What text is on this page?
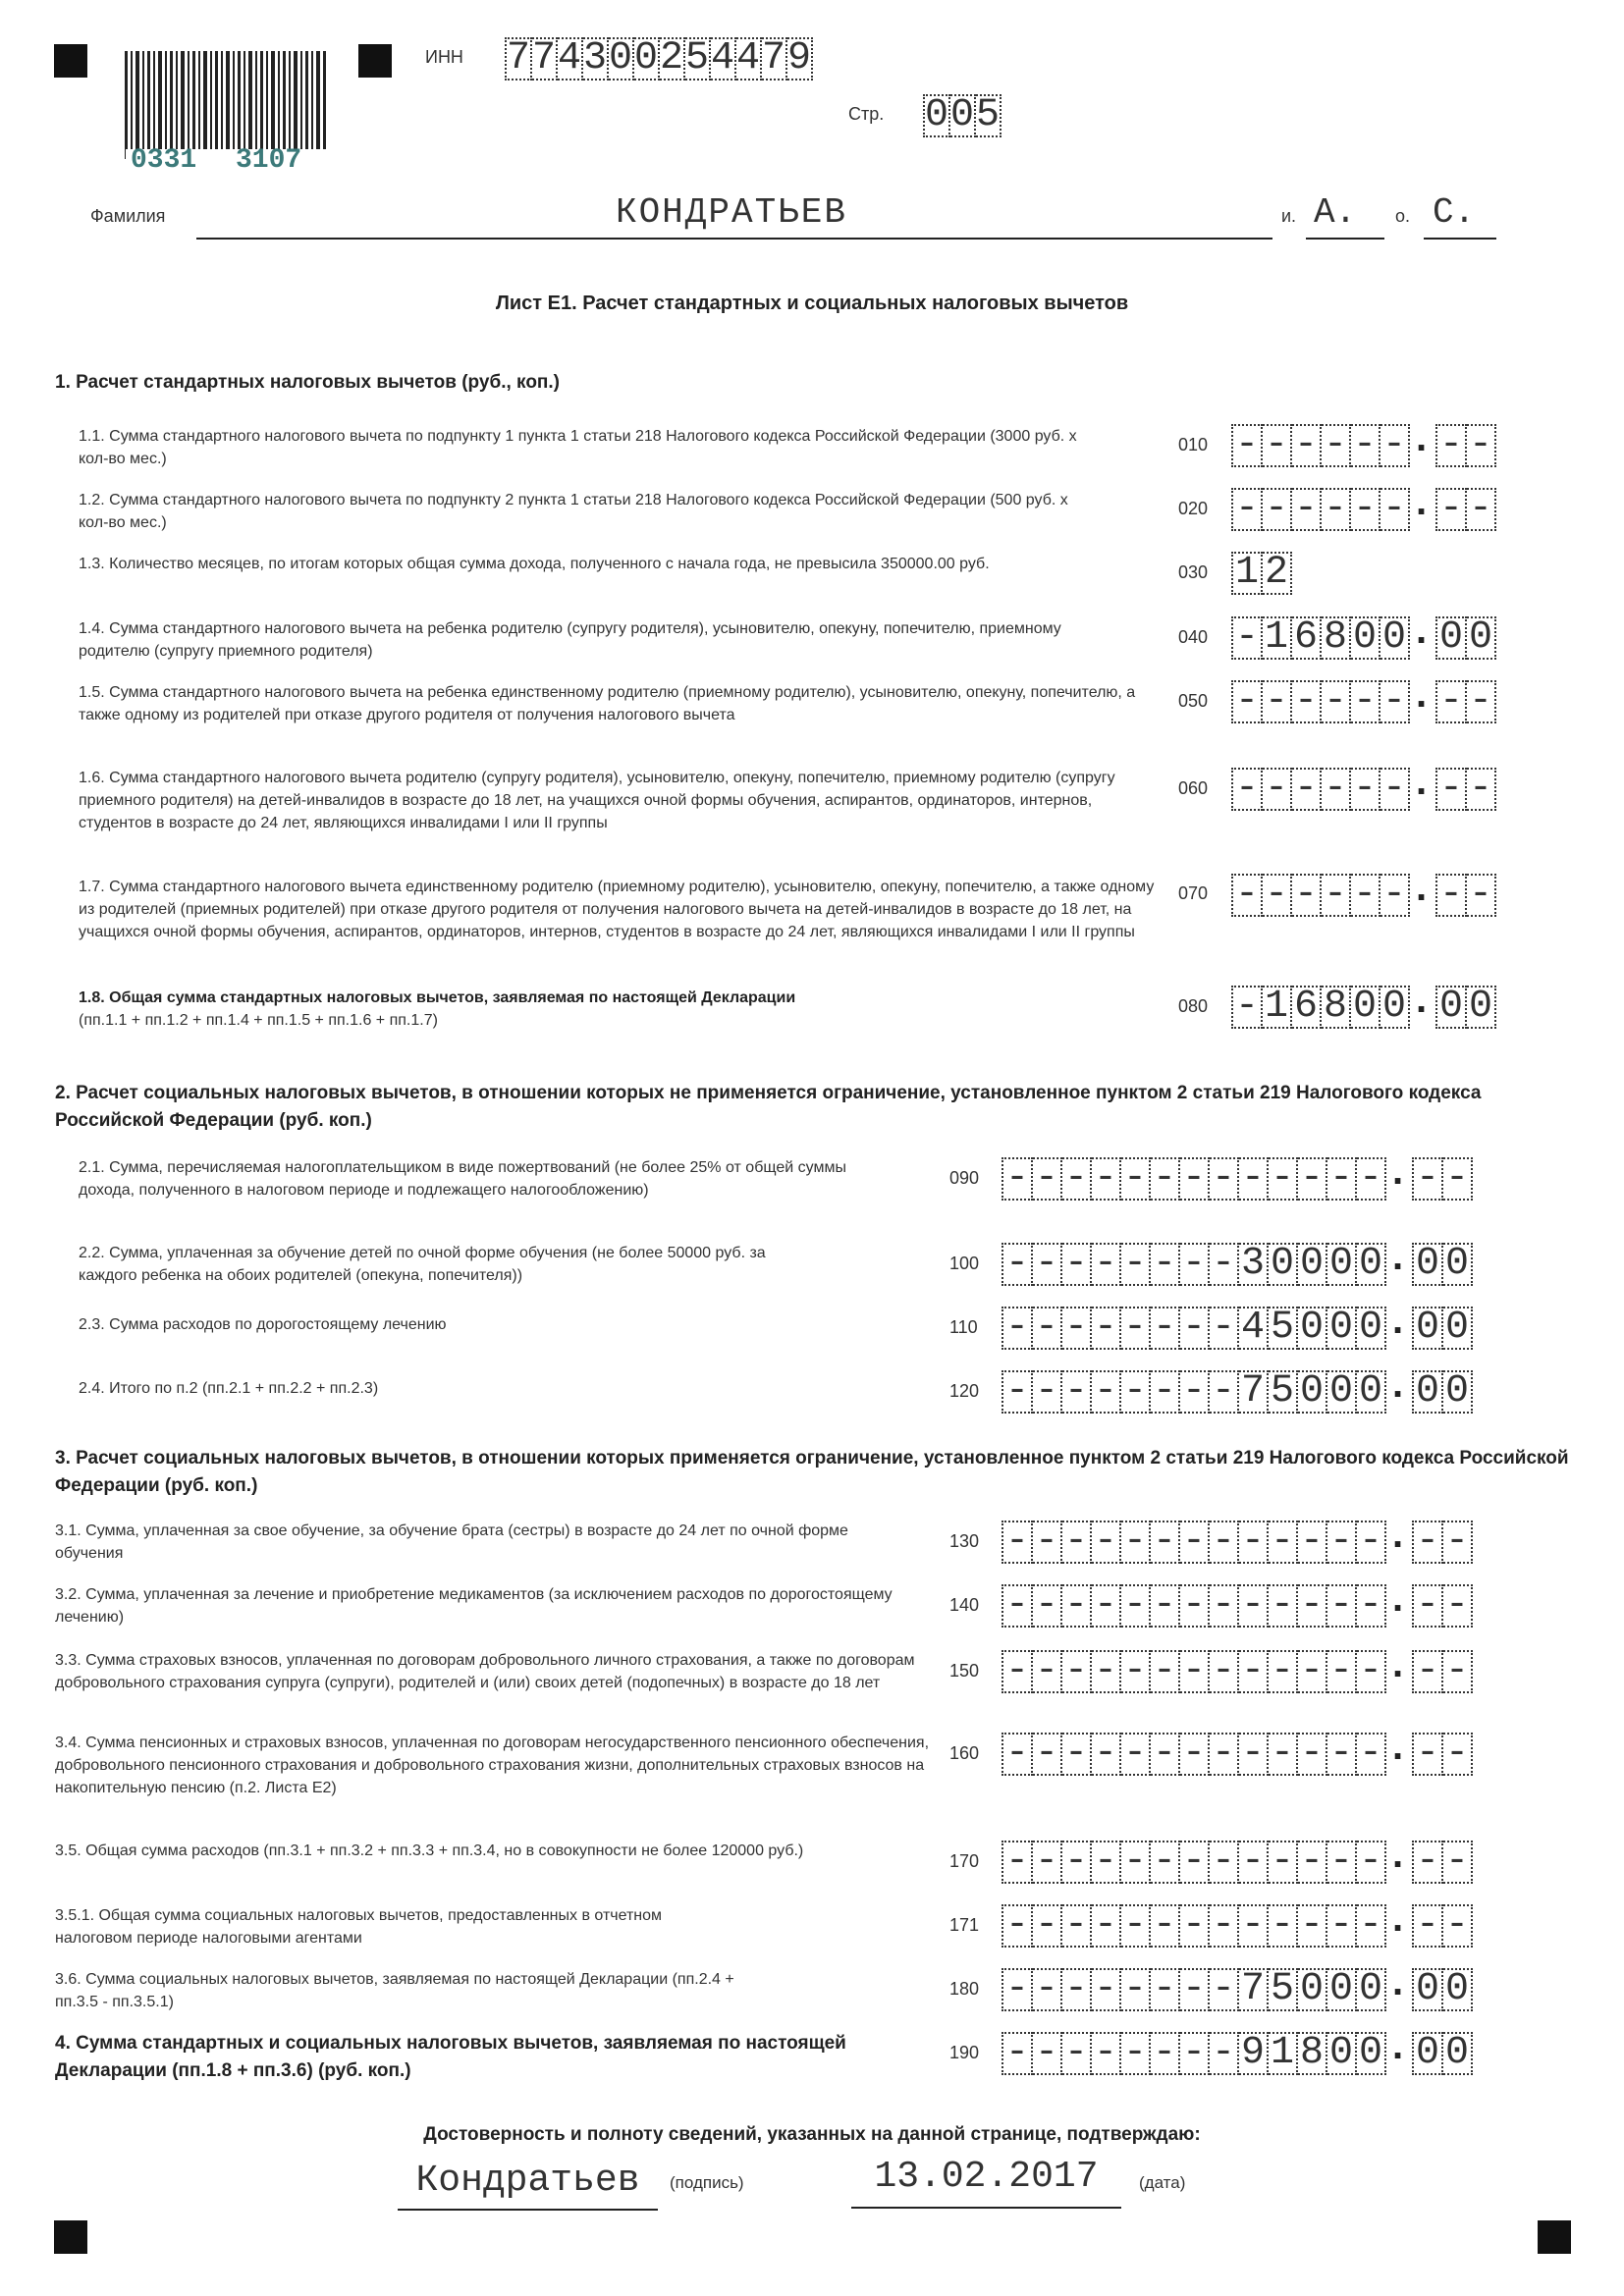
0331 3107
ИНН 7 7 4 3 0 0 2 5 4 4 7 9
Стр. 0 0 5
Фамилия	КОНДРАТЬЕВ	и. А. о. С.
Лист Е1. Расчет стандартных и социальных налоговых вычетов
1. Расчет стандартных налоговых вычетов (руб., коп.)
1.1. Сумма стандартного налогового вычета по подпункту 1 пункта 1 статьи 218 Налогового кодекса Российской Федерации (3000 руб. х кол-во мес.)
010 - - - - - - . - -
1.2. Сумма стандартного налогового вычета по подпункту 2 пункта 1 статьи 218 Налогового кодекса Российской Федерации (500 руб. х кол-во мес.)
020 - - - - - - . - -
1.3. Количество месяцев, по итогам которых общая сумма дохода, полученного с начала года, не превысила 350000.00 руб.	030 1 2
1.4. Сумма стандартного налогового вычета на ребенка родителю (супругу родителя), усыновителю, опекуну, попечителю, приемному родителю (супругу приемного родителя)
040 - 1 6 8 0 0 . 0 0
1.5. Сумма стандартного налогового вычета на ребенка единственному родителю (приемному родителю), усыновителю, опекуну, попечителю, а также одному из родителей при отказе другого родителя от получения налогового вычета
050 - - - - - - . - -
1.6. Сумма стандартного налогового вычета родителю (супругу родителя), усыновителю, опекуну, попечителю, приемному родителю (супругу приемного родителя) на детей-инвалидов в возрасте до 18 лет, на учащихся очной формы обучения, аспирантов, ординаторов, интернов, студентов в возрасте до 24 лет, являющихся инвалидами I или II группы
060 - - - - - - . - -
1.7. Сумма стандартного налогового вычета единственному родителю (приемному родителю), усыновителю, опекуну, попечителю, а также одному из родителей (приемных родителей) при отказе другого родителя от получения налогового вычета на детей-инвалидов в возрасте до 18 лет, на учащихся очной формы обучения, аспирантов, ординаторов, интернов, студентов в возрасте до 24 лет, являющихся инвалидами I или II группы
070 - - - - - - . - -
1.8. Общая сумма стандартных налоговых вычетов, заявляемая по настоящей Декларации
(пп.1.1 + пп.1.2 + пп.1.4 + пп.1.5 + пп.1.6 + пп.1.7)
080 - 1 6 8 0 0 . 0 0
2. Расчет социальных налоговых вычетов, в отношении которых не применяется ограничение, установленное пунктом 2 статьи 219 Налогового кодекса Российской Федерации (руб. коп.)
2.1. Сумма, перечисляемая налогоплательщиком в виде пожертвований (не более 25% от общей суммы дохода, полученного в налоговом периоде и подлежащего налогообложению)
090 - - - - - - - - - - - - - . - -
2.2. Сумма, уплаченная за обучение детей по очной форме обучения (не более 50000 руб. за каждого ребенка на обоих родителей (опекуна, попечителя))
100 - - - - - - - - 3 0 0 0 0 . 0 0
2.3. Сумма расходов по дорогостоящему лечению	110 - - - - - - - - 4 5 0 0 0 . 0 0
2.4. Итого по п.2 (пп.2.1 + пп.2.2 + пп.2.3)	120 - - - - - - - - 7 5 0 0 0 . 0 0
3. Расчет социальных налоговых вычетов, в отношении которых применяется ограничение, установленное пунктом 2 статьи 219 Налогового кодекса Российской Федерации (руб. коп.)
3.1. Сумма, уплаченная за свое обучение, за обучение брата (сестры) в возрасте до 24 лет по очной форме обучения
130 - - - - - - - - - - - - - . - -
3.2. Сумма, уплаченная за лечение и приобретение медикаментов (за исключением расходов по дорогостоящему лечению)
140 - - - - - - - - - - - - - . - -
3.3. Сумма страховых взносов, уплаченная по договорам добровольного личного страхования, а также по договорам добровольного страхования супруга (супруги), родителей и (или) своих детей (подопечных) в возрасте до 18 лет
150 - - - - - - - - - - - - - . - -
3.4. Сумма пенсионных и страховых взносов, уплаченная по договорам негосударственного пенсионного обеспечения, добровольного пенсионного страхования и добровольного страхования жизни, дополнительных страховых взносов на накопительную пенсию (п.2. Листа Е2)
160 - - - - - - - - - - - - - . - -
3.5. Общая сумма расходов (пп.3.1 + пп.3.2 + пп.3.3 + пп.3.4, но в совокупности не более 120000 руб.)
170 - - - - - - - - - - - - - . - -
3.5.1. Общая сумма социальных налоговых вычетов, предоставленных в отчетном налоговом периоде налоговыми агентами
171 - - - - - - - - - - - - - . - -
3.6. Сумма социальных налоговых вычетов, заявляемая по настоящей Декларации (пп.2.4 + пп.3.5 - пп.3.5.1)
180 - - - - - - - - 7 5 0 0 0 . 0 0
4. Сумма стандартных и социальных налоговых вычетов, заявляемая по настоящей Декларации (пп.1.8 + пп.3.6) (руб. коп.)
190 - - - - - - - - 9 1 8 0 0 . 0 0
Достоверность и полноту сведений, указанных на данной странице, подтверждаю:
Кондратьев	(подпись)	13.02.2017	(дата)
